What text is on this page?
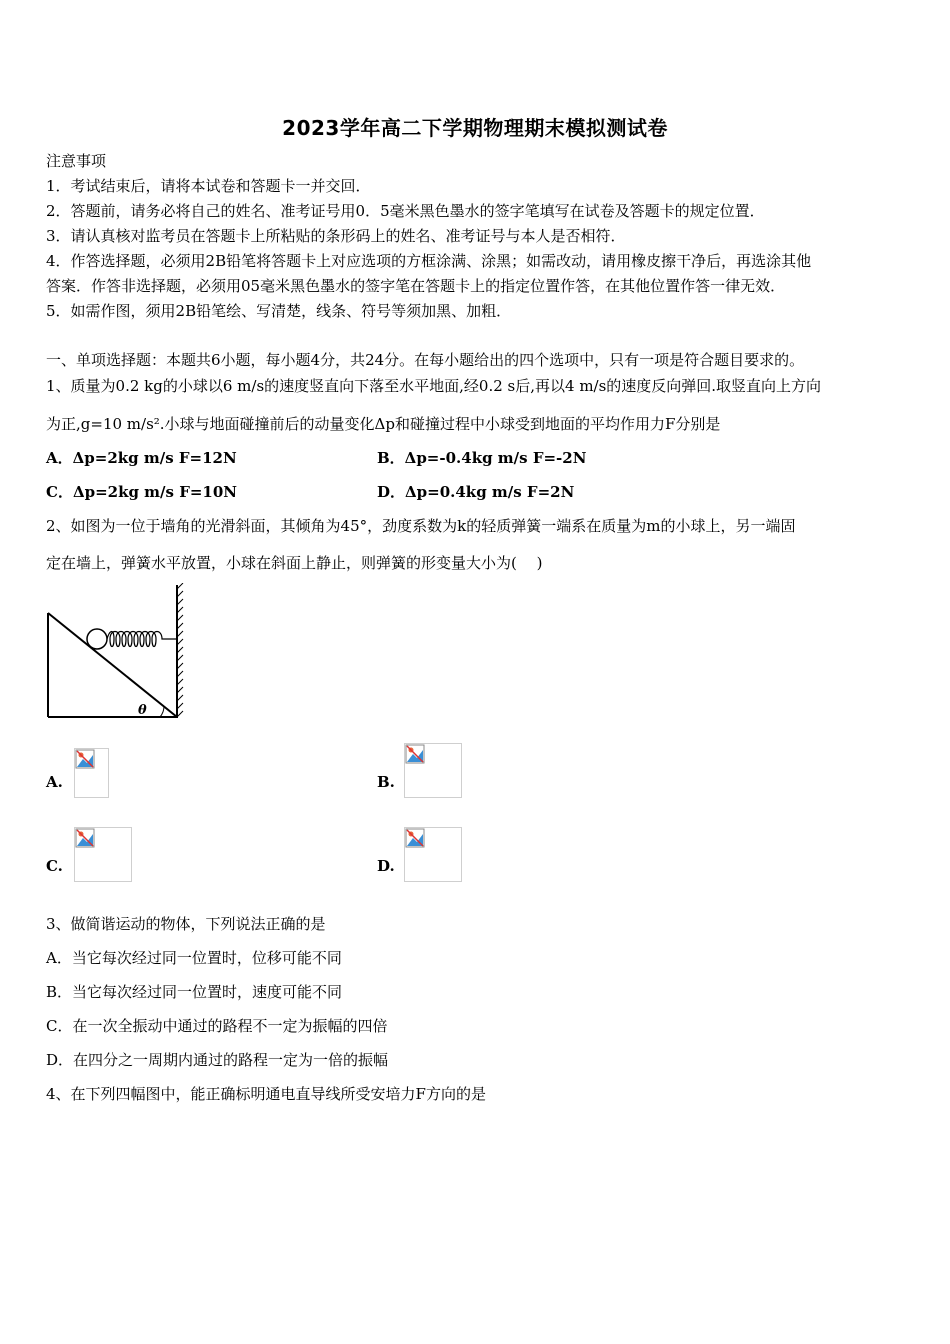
2023学年高二下学期物理期末模拟测试卷
注意事项
1．考试结束后，请将本试卷和答题卡一并交回．
2．答题前，请务必将自己的姓名、准考证号用0．5毫米黑色墨水的签字笔填写在试卷及答题卡的规定位置．
3．请认真核对监考员在答题卡上所粘贴的条形码上的姓名、准考证号与本人是否相符．
4．作答选择题，必须用2B铅笔将答题卡上对应选项的方框涂满、涂黑；如需改动，请用橡皮擦干净后，再选涂其他
答案．作答非选择题，必须用05毫米黑色墨水的签字笔在答题卡上的指定位置作答，在其他位置作答一律无效．
5．如需作图，须用2B铅笔绘、写清楚，线条、符号等须加黑、加粗．
一、单项选择题：本题共6小题，每小题4分，共24分。在每小题给出的四个选项中，只有一项是符合题目要求的。
1、质量为0.2 kg的小球以6 m/s的速度竖直向下落至水平地面,经0.2 s后,再以4 m/s的速度反向弹回.取竖直向上方向
为正,g=10 m/s².小球与地面碰撞前后的动量变化Δp和碰撞过程中小球受到地面的平均作用力F分别是
A．Δp=2kg m/s F=12N	B．Δp=-0.4kg m/s F=-2N
C．Δp=2kg m/s F=10N	D．Δp=0.4kg m/s F=2N
2、如图为一位于墙角的光滑斜面，其倾角为45°，劲度系数为k的轻质弹簧一端系在质量为m的小球上，另一端固
定在墙上，弹簧水平放置，小球在斜面上静止，则弹簧的形变量大小为(　 )
θ
A.	B.
C.	D.
3、做简谐运动的物体，下列说法正确的是
A．当它每次经过同一位置时，位移可能不同
B．当它每次经过同一位置时，速度可能不同
C．在一次全振动中通过的路程不一定为振幅的四倍
D．在四分之一周期内通过的路程一定为一倍的振幅
4、在下列四幅图中，能正确标明通电直导线所受安培力F方向的是
